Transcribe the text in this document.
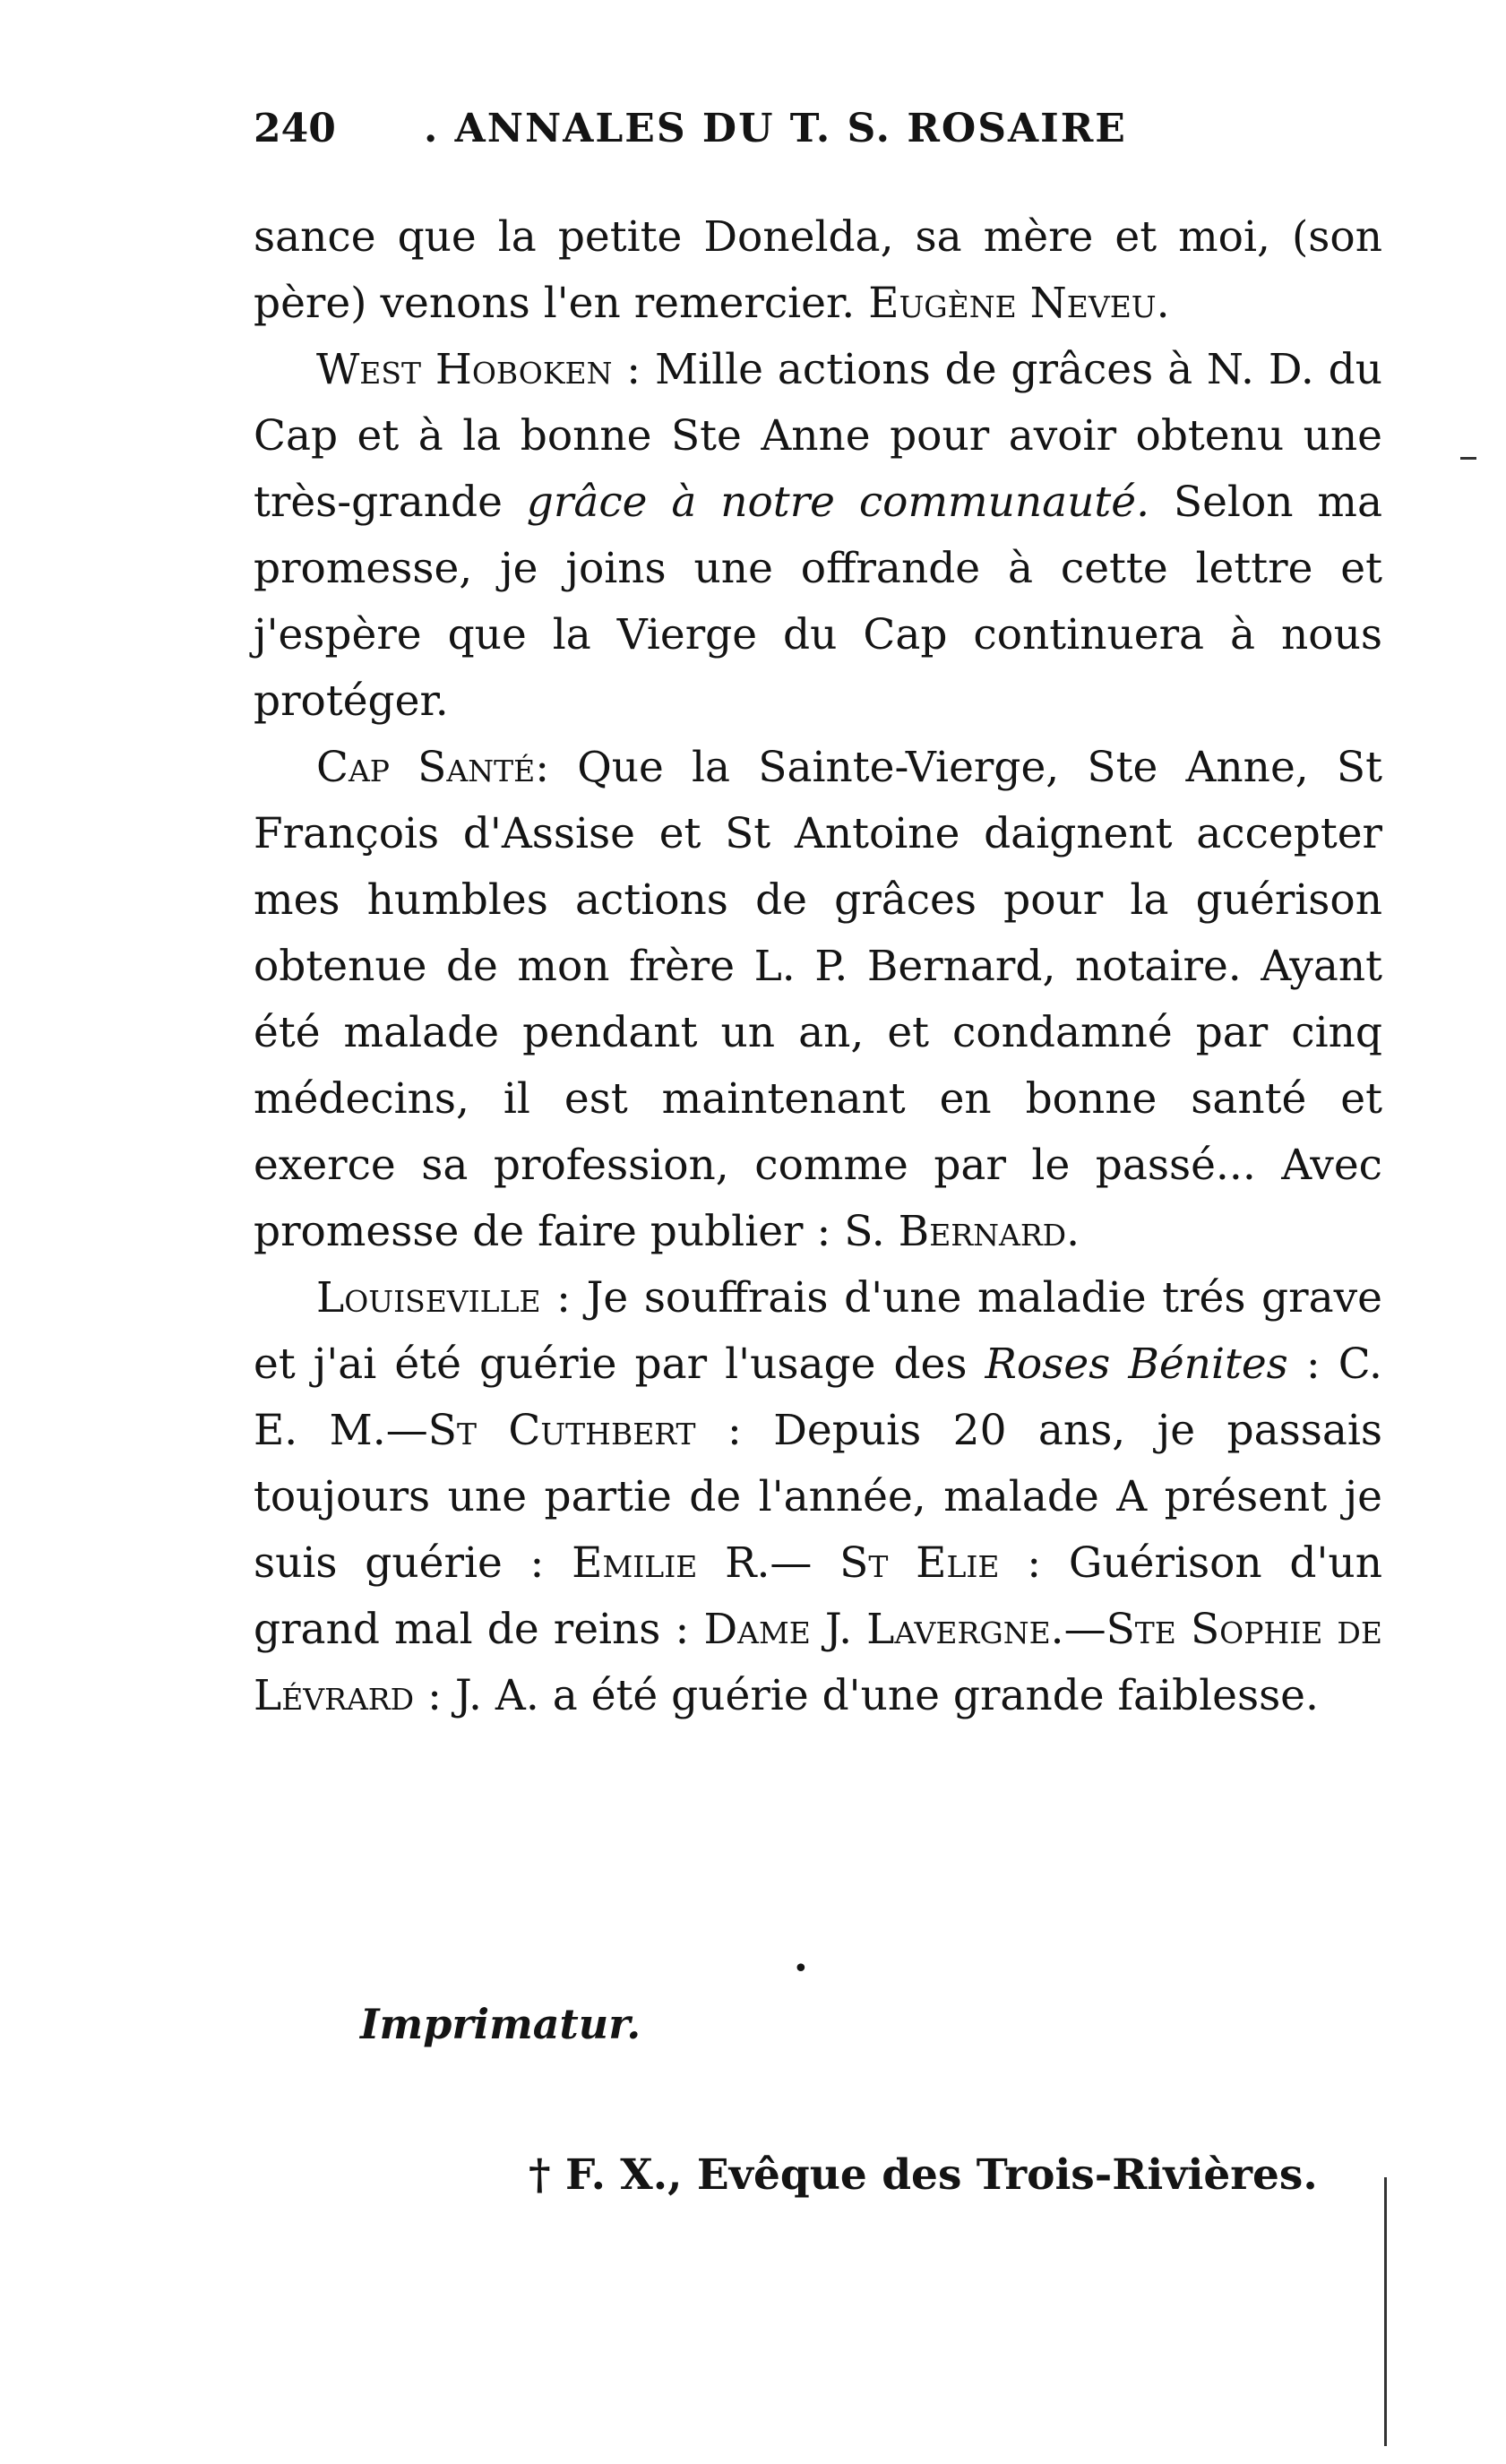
240	. ANNALES DU T. S. ROSAIRE

sance que la petite Donelda, sa mère et moi, (son père) venons l'en remercier. Eugène Neveu.

West Hoboken : Mille actions de grâces à N. D. du Cap et à la bonne Ste Anne pour avoir obtenu une très-grande grâce à notre communauté. Selon ma promesse, je joins une offrande à cette lettre et j'espère que la Vierge du Cap continuera à nous protéger.

Cap Santé: Que la Sainte-Vierge, Ste Anne, St François d'Assise et St Antoine daignent accepter mes humbles actions de grâces pour la guérison obtenue de mon frère L. P. Bernard, notaire. Ayant été malade pendant un an, et condamné par cinq médecins, il est maintenant en bonne santé et exerce sa profession, comme par le passé... Avec promesse de faire publier : S. Bernard.

Louiseville : Je souffrais d'une maladie trés grave et j'ai été guérie par l'usage des Roses Bénites : C. E. M.—St Cuthbert : Depuis 20 ans, je passais toujours une partie de l'année, malade A présent je suis guérie : Emilie R.— St Elie : Guérison d'un grand mal de reins : Dame J. Lavergne.—Ste Sophie de Lévrard : J. A. a été guérie d'une grande faiblesse.

•
Imprimatur.
† F. X., Evêque des Trois-Rivières.
